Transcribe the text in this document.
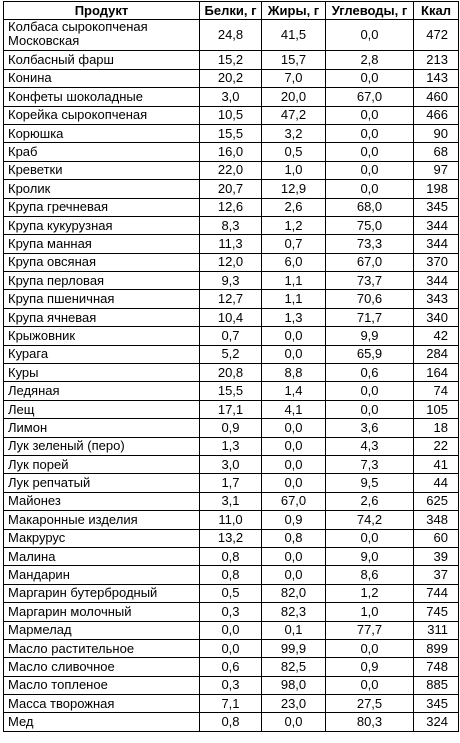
Продукт	Белки, г	Жиры, г	Углеводы, г	Ккал
Колбаса сырокопченая Московская	24,8	41,5	0,0	472
Колбасный фарш	15,2	15,7	2,8	213
Конина	20,2	7,0	0,0	143
Конфеты шоколадные	3,0	20,0	67,0	460
Корейка сырокопченая	10,5	47,2	0,0	466
Корюшка	15,5	3,2	0,0	90
Краб	16,0	0,5	0,0	68
Креветки	22,0	1,0	0,0	97
Кролик	20,7	12,9	0,0	198
Крупа гречневая	12,6	2,6	68,0	345
Крупа кукурузная	8,3	1,2	75,0	344
Крупа манная	11,3	0,7	73,3	344
Крупа овсяная	12,0	6,0	67,0	370
Крупа перловая	9,3	1,1	73,7	344
Крупа пшеничная	12,7	1,1	70,6	343
Крупа ячневая	10,4	1,3	71,7	340
Крыжовник	0,7	0,0	9,9	42
Курага	5,2	0,0	65,9	284
Куры	20,8	8,8	0,6	164
Ледяная	15,5	1,4	0,0	74
Лещ	17,1	4,1	0,0	105
Лимон	0,9	0,0	3,6	18
Лук зеленый (перо)	1,3	0,0	4,3	22
Лук порей	3,0	0,0	7,3	41
Лук репчатый	1,7	0,0	9,5	44
Майонез	3,1	67,0	2,6	625
Макаронные изделия	11,0	0,9	74,2	348
Макрурус	13,2	0,8	0,0	60
Малина	0,8	0,0	9,0	39
Мандарин	0,8	0,0	8,6	37
Маргарин бутербродный	0,5	82,0	1,2	744
Маргарин молочный	0,3	82,3	1,0	745
Мармелад	0,0	0,1	77,7	311
Масло растительное	0,0	99,9	0,0	899
Масло сливочное	0,6	82,5	0,9	748
Масло топленое	0,3	98,0	0,0	885
Масса творожная	7,1	23,0	27,5	345
Мед	0,8	0,0	80,3	324
